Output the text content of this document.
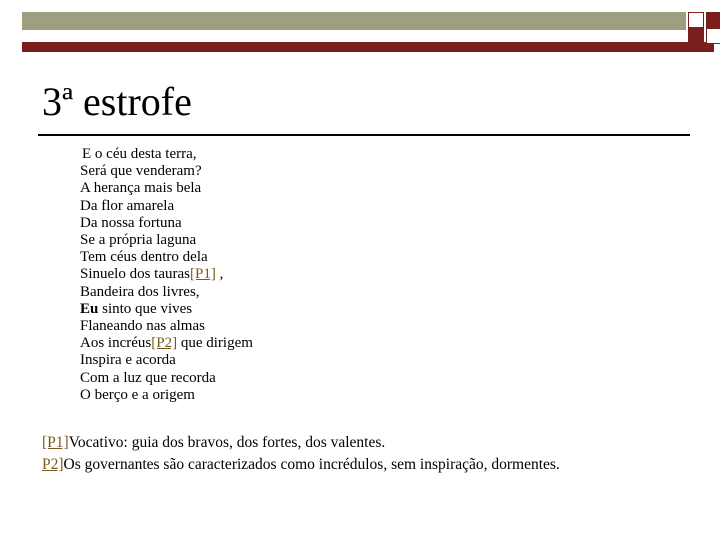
3ª estrofe
E o céu desta terra,
Será que venderam?
A herança mais bela
Da flor amarela
Da nossa fortuna
Se a própria laguna
Tem céus dentro dela
Sinuelo dos tauras[P1] ,
Bandeira dos livres,
Eu sinto que vives
Flaneando nas almas
Aos incréus[P2] que dirigem
Inspira e acorda
Com a luz que recorda
O berço e a origem
[P1]Vocativo: guia dos bravos, dos fortes, dos valentes.
P2]Os governantes são caracterizados como incrédulos, sem inspiração, dormentes.
